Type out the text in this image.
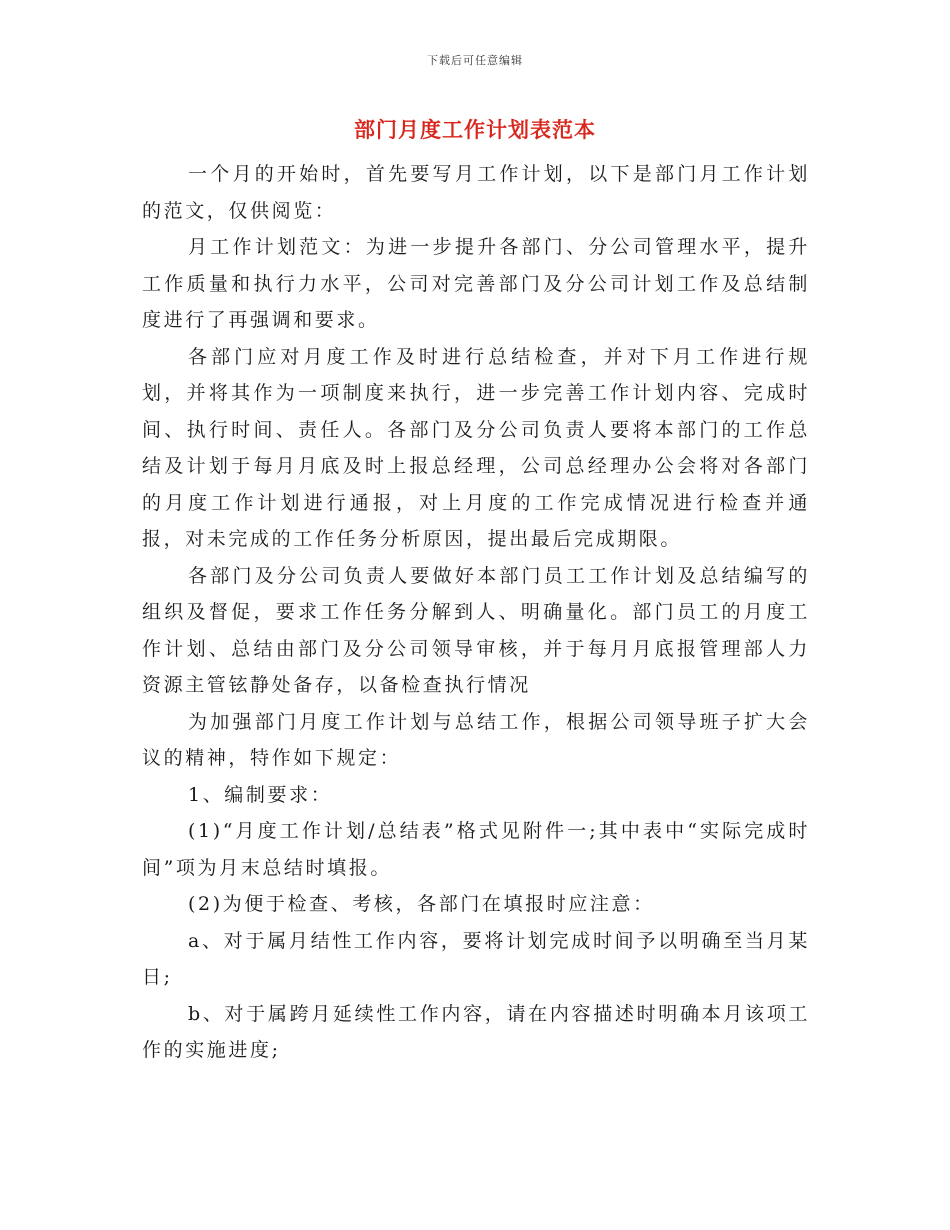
下载后可任意编辑
部门月度工作计划表范本

一个月的开始时，首先要写月工作计划，以下是部门月工作计划的范文，仅供阅览：

月工作计划范文：为进一步提升各部门、分公司管理水平，提升工作质量和执行力水平，公司对完善部门及分公司计划工作及总结制度进行了再强调和要求。

各部门应对月度工作及时进行总结检查，并对下月工作进行规划，并将其作为一项制度来执行，进一步完善工作计划内容、完成时间、执行时间、责任人。各部门及分公司负责人要将本部门的工作总结及计划于每月月底及时上报总经理，公司总经理办公会将对各部门的月度工作计划进行通报，对上月度的工作完成情况进行检查并通报，对未完成的工作任务分析原因，提出最后完成期限。

各部门及分公司负责人要做好本部门员工工作计划及总结编写的组织及督促，要求工作任务分解到人、明确量化。部门员工的月度工作计划、总结由部门及分公司领导审核，并于每月月底报管理部人力资源主管铉静处备存，以备检查执行情况

为加强部门月度工作计划与总结工作，根据公司领导班子扩大会议的精神，特作如下规定：

1、编制要求：

(1)“月度工作计划/总结表”格式见附件一;其中表中“实际完成时间”项为月末总结时填报。

(2)为便于检查、考核，各部门在填报时应注意：

a、对于属月结性工作内容，要将计划完成时间予以明确至当月某日;

b、对于属跨月延续性工作内容，请在内容描述时明确本月该项工作的实施进度;
